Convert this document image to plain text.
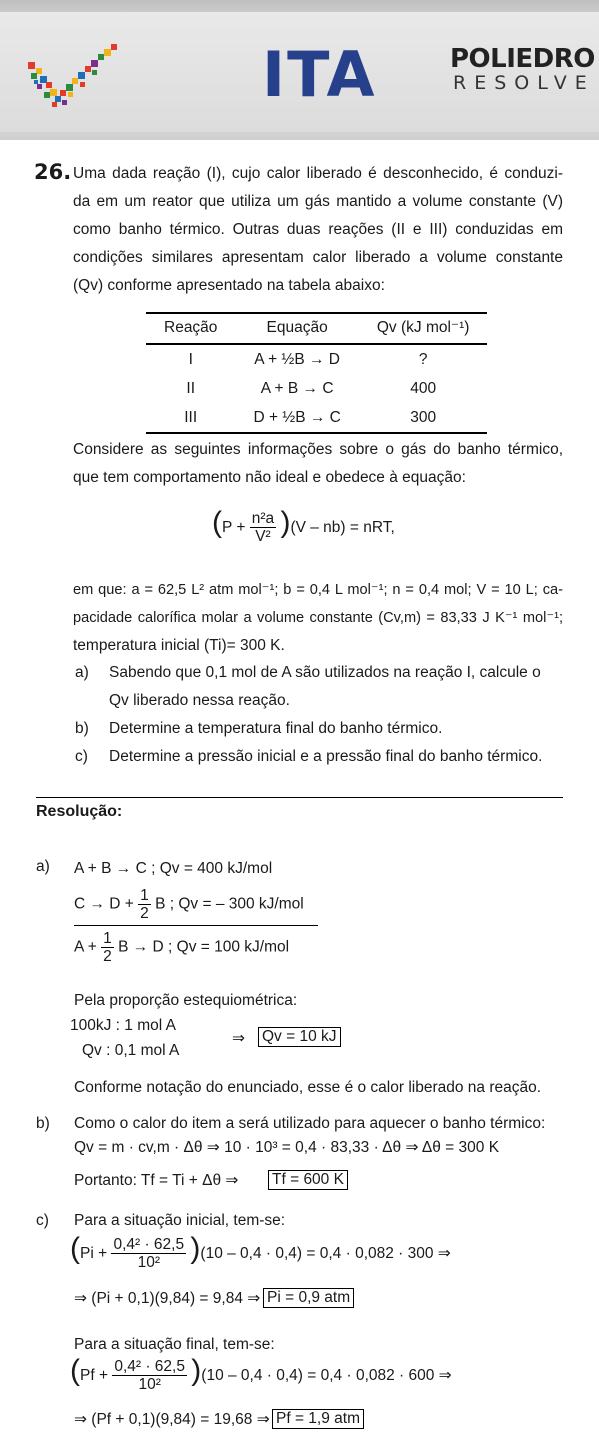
ITA	POLIEDRO
RESOLVE
26. Uma dada reação (I), cujo calor liberado é desconhecido, é conduzi-
da em um reator que utiliza um gás mantido a volume constante (V)
como banho térmico. Outras duas reações (II e III) conduzidas em
condições similares apresentam calor liberado a volume constante
(Qv) conforme apresentado na tabela abaixo:
Reação	Equação	Qv (kJ mol⁻¹)
I	A + ½B → D	?
II	A + B → C	400
III	D + ½B → C	300
Considere as seguintes informações sobre o gás do banho térmico,
que tem comportamento não ideal e obedece à equação:
$(P + \frac{\text{n²a}}{\text{V²}} )(V - nb)$ = nRT,
em que: a = 62,5 L² atm mol⁻¹; b = 0,4 L mol⁻¹; n = 0,4 mol; V = 10 L; ca-
pacidade calorífica molar a volume constante (Cv,m) = 83,33 J K⁻¹ mol⁻¹;
temperatura inicial (Ti)= 300 K.
a) Sabendo que 0,1 mol de A são utilizados na reação I, calcule o
Qv liberado nessa reação.
b) Determine a temperatura final do banho térmico.
c) Determine a pressão inicial e a pressão final do banho térmico.
Resolução:
a) A + B → C ; Qv = 400 kJ/mol
$C \to D + \frac{1}{2}$ B ; Qv = – 300 kJ/mol
$A + \frac{1}{2}$ B → D ; Qv = 100 kJ/mol
Pela proporção estequiométrica:
100kJ : 1 mol A
Qv : 0,1 mol A
⇒ Qv = 10 kJ
Conforme notação do enunciado, esse é o calor liberado na reação.
b) Como o calor do item a será utilizado para aquecer o banho térmico:
Qv = m · cv,m · Δθ ⇒ 10 · 10³ = 0,4 · 83,33 · Δθ ⇒ Δθ = 300 K
Portanto: Tf = Ti + Δθ ⇒ Tf = 600 K
c) Para a situação inicial, tem-se:
$(Pi + \frac{\text{0,4² · 62,5}}{\text{10²}} )(10 - 0,4 \cdot 0,4) = 0,4 \cdot 0,082 \cdot 300$ ⇒
⇒ (Pi + 0,1)(9,84) = 9,84 ⇒ Pi = 0,9 atm
Para a situação final, tem-se:
$(Pf + \frac{\text{0,4² · 62,5}}{\text{10²}} )(10 - 0,4 \cdot 0,4) = 0,4 \cdot 0,082 \cdot 600$ ⇒
⇒ (Pf + 0,1)(9,84) = 19,68 ⇒ Pf = 1,9 atm
